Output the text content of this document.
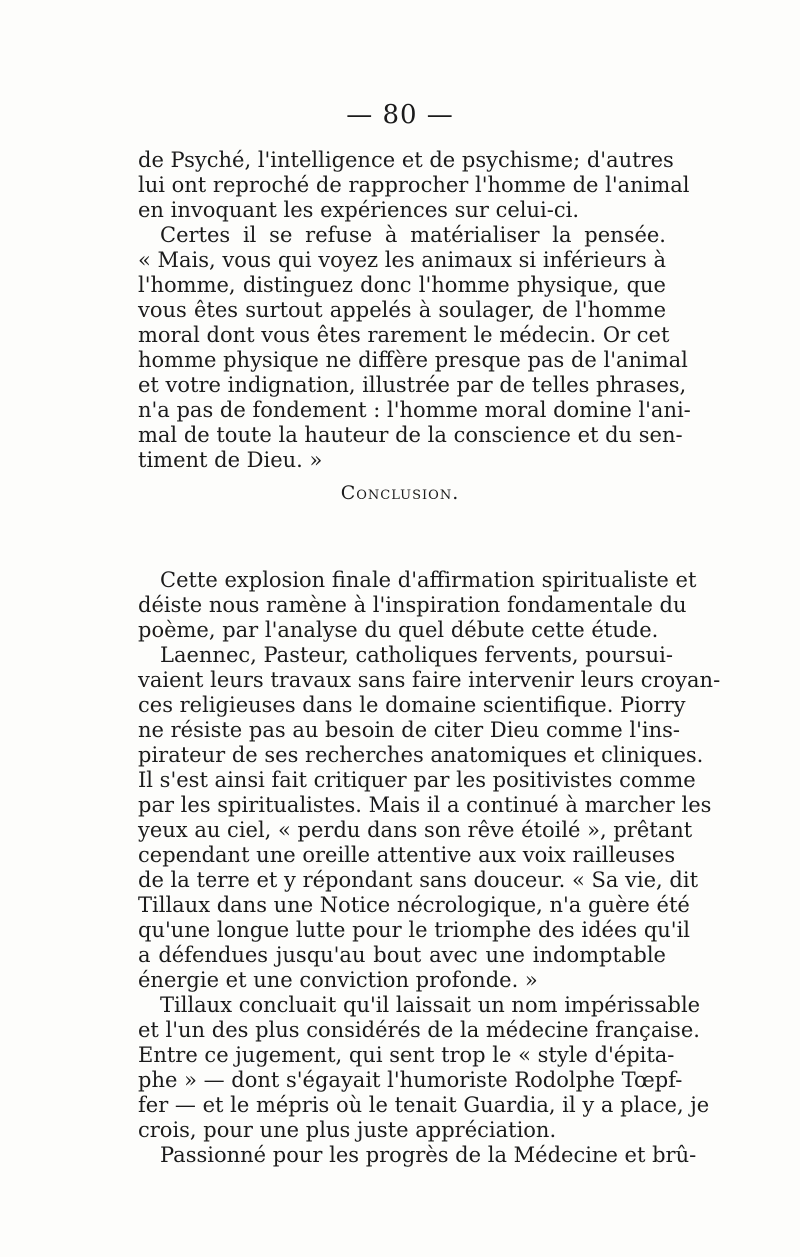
— 80 —

de Psyché, l'intelligence et de psychisme; d'autres
lui ont reproché de rapprocher l'homme de l'animal
en invoquant les expériences sur celui-ci.
Certes il se refuse à matérialiser la pensée.
« Mais, vous qui voyez les animaux si inférieurs à
l'homme, distinguez donc l'homme physique, que
vous êtes surtout appelés à soulager, de l'homme
moral dont vous êtes rarement le médecin. Or cet
homme physique ne diffère presque pas de l'animal
et votre indignation, illustrée par de telles phrases,
n'a pas de fondement : l'homme moral domine l'ani-
mal de toute la hauteur de la conscience et du sen-
timent de Dieu. »

Conclusion.

Cette explosion finale d'affirmation spiritualiste et
déiste nous ramène à l'inspiration fondamentale du
poème, par l'analyse du quel débute cette étude.
Laennec, Pasteur, catholiques fervents, poursui-
vaient leurs travaux sans faire intervenir leurs croyan-
ces religieuses dans le domaine scientifique. Piorry
ne résiste pas au besoin de citer Dieu comme l'ins-
pirateur de ses recherches anatomiques et cliniques.
Il s'est ainsi fait critiquer par les positivistes comme
par les spiritualistes. Mais il a continué à marcher les
yeux au ciel, « perdu dans son rêve étoilé », prêtant
cependant une oreille attentive aux voix railleuses
de la terre et y répondant sans douceur. « Sa vie, dit
Tillaux dans une Notice nécrologique, n'a guère été
qu'une longue lutte pour le triomphe des idées qu'il
a défendues jusqu'au bout avec une indomptable
énergie et une conviction profonde. »
Tillaux concluait qu'il laissait un nom impérissable
et l'un des plus considérés de la médecine française.
Entre ce jugement, qui sent trop le « style d'épita-
phe » — dont s'égayait l'humoriste Rodolphe Tœpf-
fer — et le mépris où le tenait Guardia, il y a place, je
crois, pour une plus juste appréciation.
Passionné pour les progrès de la Médecine et brû-
